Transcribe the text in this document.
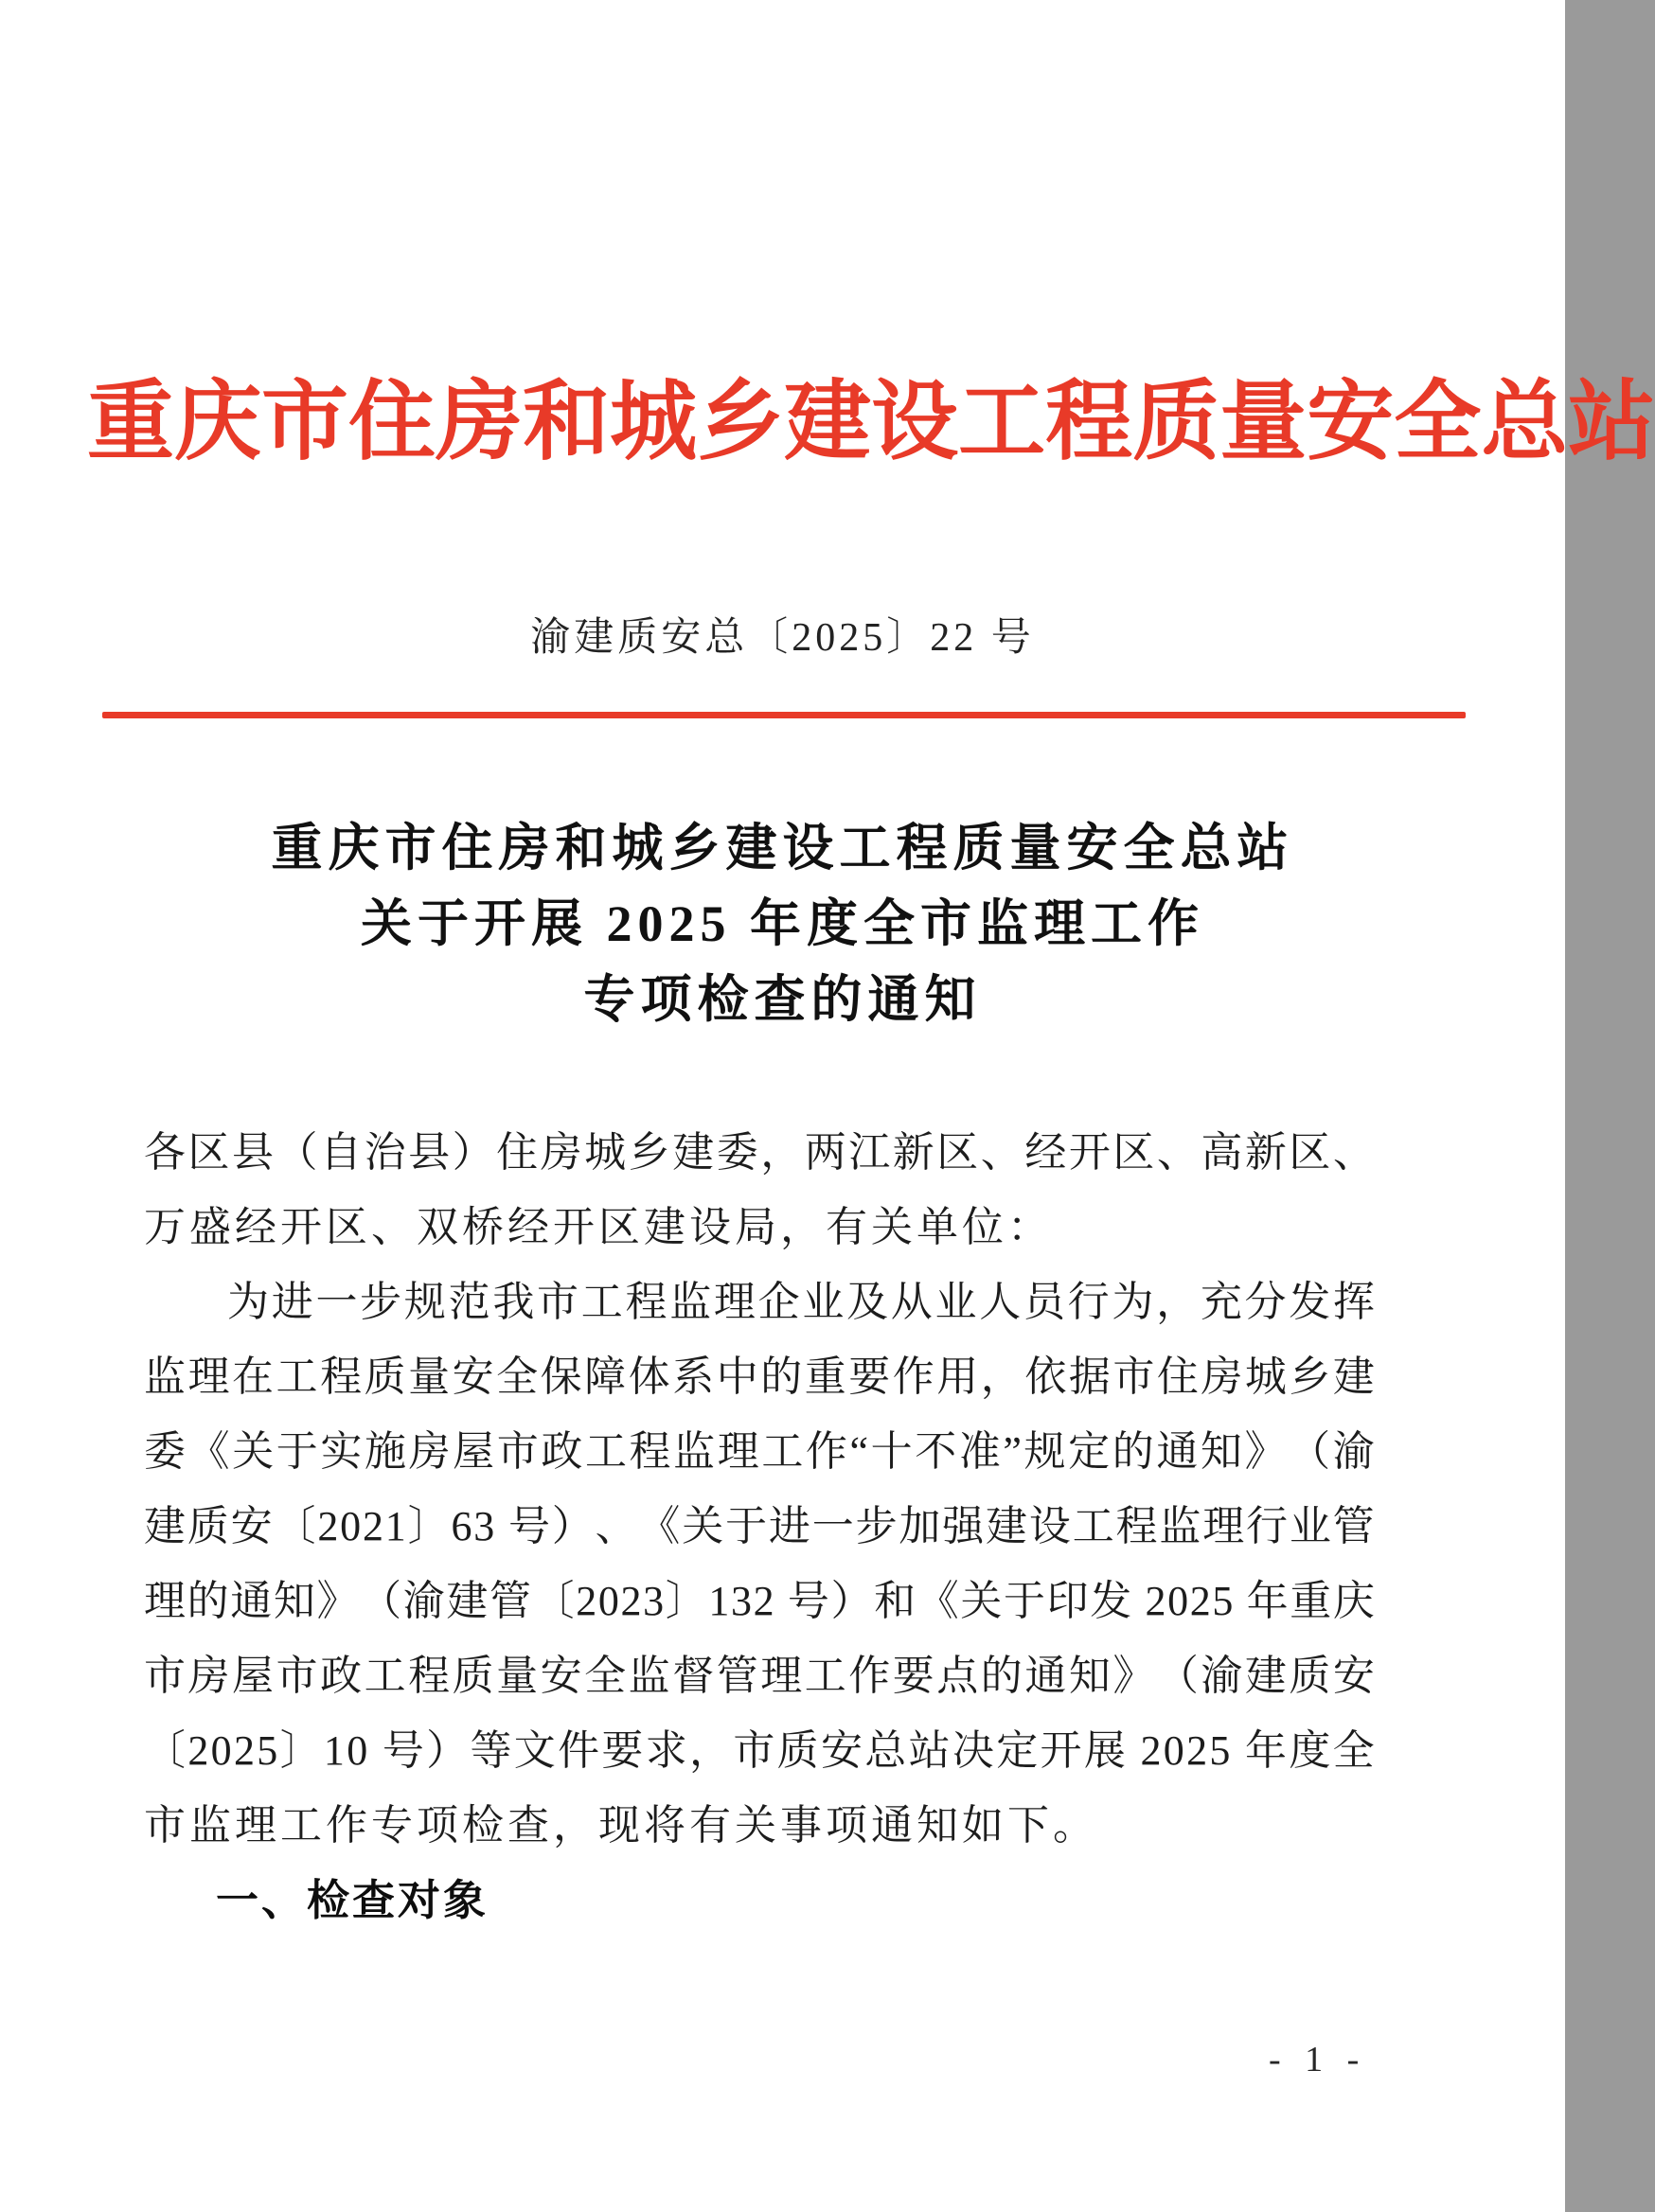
重 庆 市 住 房 和 城 乡 建 设 工 程 质 量 安 全 总 站
渝建质安总〔2025〕22 号
重庆市住房和城乡建设工程质量安全总站
关于开展 2025 年度全市监理工作
专项检查的通知
各 区 县 （ 自 治 县 ） 住 房 城 乡 建 委 ， 两 江 新 区 、 经 开 区 、 高 新 区 、
万盛经开区、双桥经开区建设局，有关单位：
为 进 一 步 规 范 我 市 工 程 监 理 企 业 及 从 业 人 员 行 为 ， 充 分 发 挥
监 理 在 工 程 质 量 安 全 保 障 体 系 中 的 重 要 作 用 ， 依 据 市 住 房 城 乡 建
委 《 关 于 实 施 房 屋 市 政 工 程 监 理 工 作 “ 十 不 准 ” 规 定 的 通 知 》 （ 渝
建 质 安 〔 2 0 2 1 〕 6 3
号 ） 、 《 关 于 进 一 步 加 强 建 设 工 程 监 理 行 业 管
理 的 通 知 》 （ 渝 建 管 〔 2 0 2 3 〕 1 3 2
号 ） 和 《 关 于 印 发
2 0 2 5
年 重 庆
市 房 屋 市 政 工 程 质 量 安 全 监 督 管 理 工 作 要 点 的 通 知 》 （ 渝 建 质 安
〔 2 0 2 5 〕 1 0
号 ） 等 文 件 要 求 ， 市 质 安 总 站 决 定 开 展
2 0 2 5
年 度 全
市监理工作专项检查，现将有关事项通知如下。
一、检查对象
- 1 -
